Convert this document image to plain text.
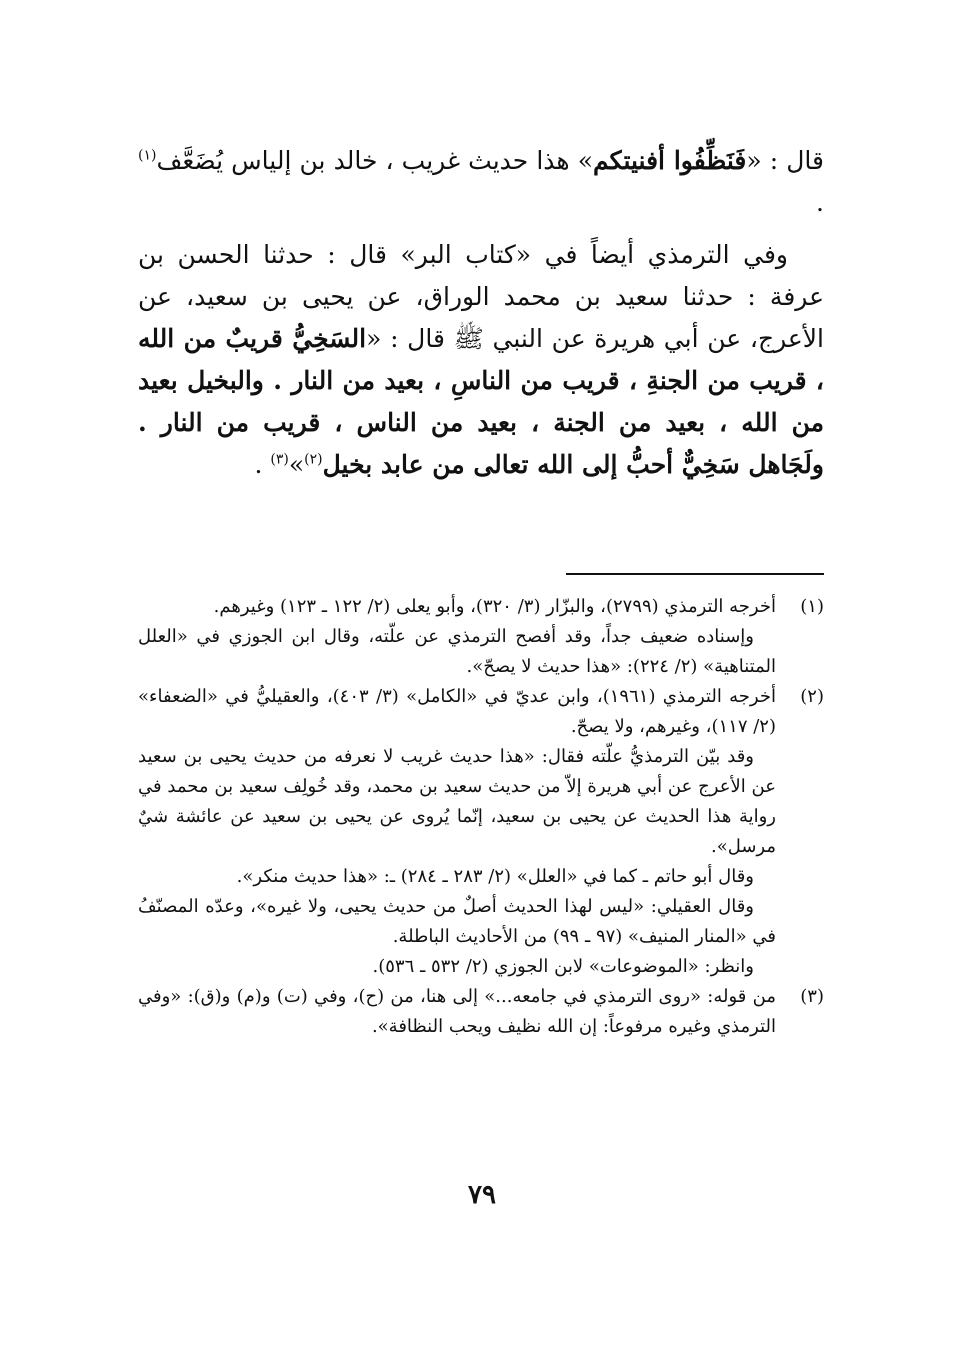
قال : «فَنَظِّفُوا أفنيتكم» هذا حديث غريب ، خالد بن إلياس يُضَعَّف$^{(١)}$ .

وفي الترمذي أيضاً في «كتاب البر» قال : حدثنا الحسن بن عرفة : حدثنا سعيد بن محمد الوراق، عن يحيى بن سعيد، عن الأعرج، عن أبي هريرة عن النبي ﷺ قال : «السَخِيُّ قريبٌ من الله ، قريب من الجنةِ ، قريب من الناسِ ، بعيد من النار . والبخيل بعيد من الله ، بعيد من الجنة ، بعيد من الناس ، قريب من النار . ولَجَاهل سَخِيٌّ أحبُّ إلى الله تعالى من عابد بخيل$^{(٢)}$»$^{(٣)}$ .

(١)

أخرجه الترمذي (٢٧٩٩)، والبزّار (٣/ ٣٢٠)، وأبو يعلى (٢/ ١٢٢ ـ ١٢٣) وغيرهم.

وإسناده ضعيف جداً، وقد أفصح الترمذي عن علّته، وقال ابن الجوزي في «العلل المتناهية» (٢/ ٢٢٤): «هذا حديث لا يصحّ».

(٢)

أخرجه الترمذي (١٩٦١)، وابن عديّ في «الكامل» (٣/ ٤٠٣)، والعقيليُّ في «الضعفاء» (٢/ ١١٧)، وغيرهم، ولا يصحّ.

وقد بيّن الترمذيُّ علّته فقال: «هذا حديث غريب لا نعرفه من حديث يحيى بن سعيد عن الأعرج عن أبي هريرة إلاّ من حديث سعيد بن محمد، وقد خُولِف سعيد بن محمد في رواية هذا الحديث عن يحيى بن سعيد، إنّما يُروى عن يحيى بن سعيد عن عائشة شيٌ مرسل».

وقال أبو حاتم ـ كما في «العلل» (٢/ ٢٨٣ ـ ٢٨٤) ـ: «هذا حديث منكر».

وقال العقيلي: «ليس لهذا الحديث أصلٌ من حديث يحيى، ولا غيره»، وعدّه المصنّفُ في «المنار المنيف» (٩٧ ـ ٩٩) من الأحاديث الباطلة.

وانظر: «الموضوعات» لابن الجوزي (٢/ ٥٣٢ ـ ٥٣٦).

(٣)

من قوله: «روى الترمذي في جامعه...» إلى هنا، من (ح)، وفي (ت) و(م) و(ق): «وفي الترمذي وغيره مرفوعاً: إن الله نظيف ويحب النظافة».

٧٩
